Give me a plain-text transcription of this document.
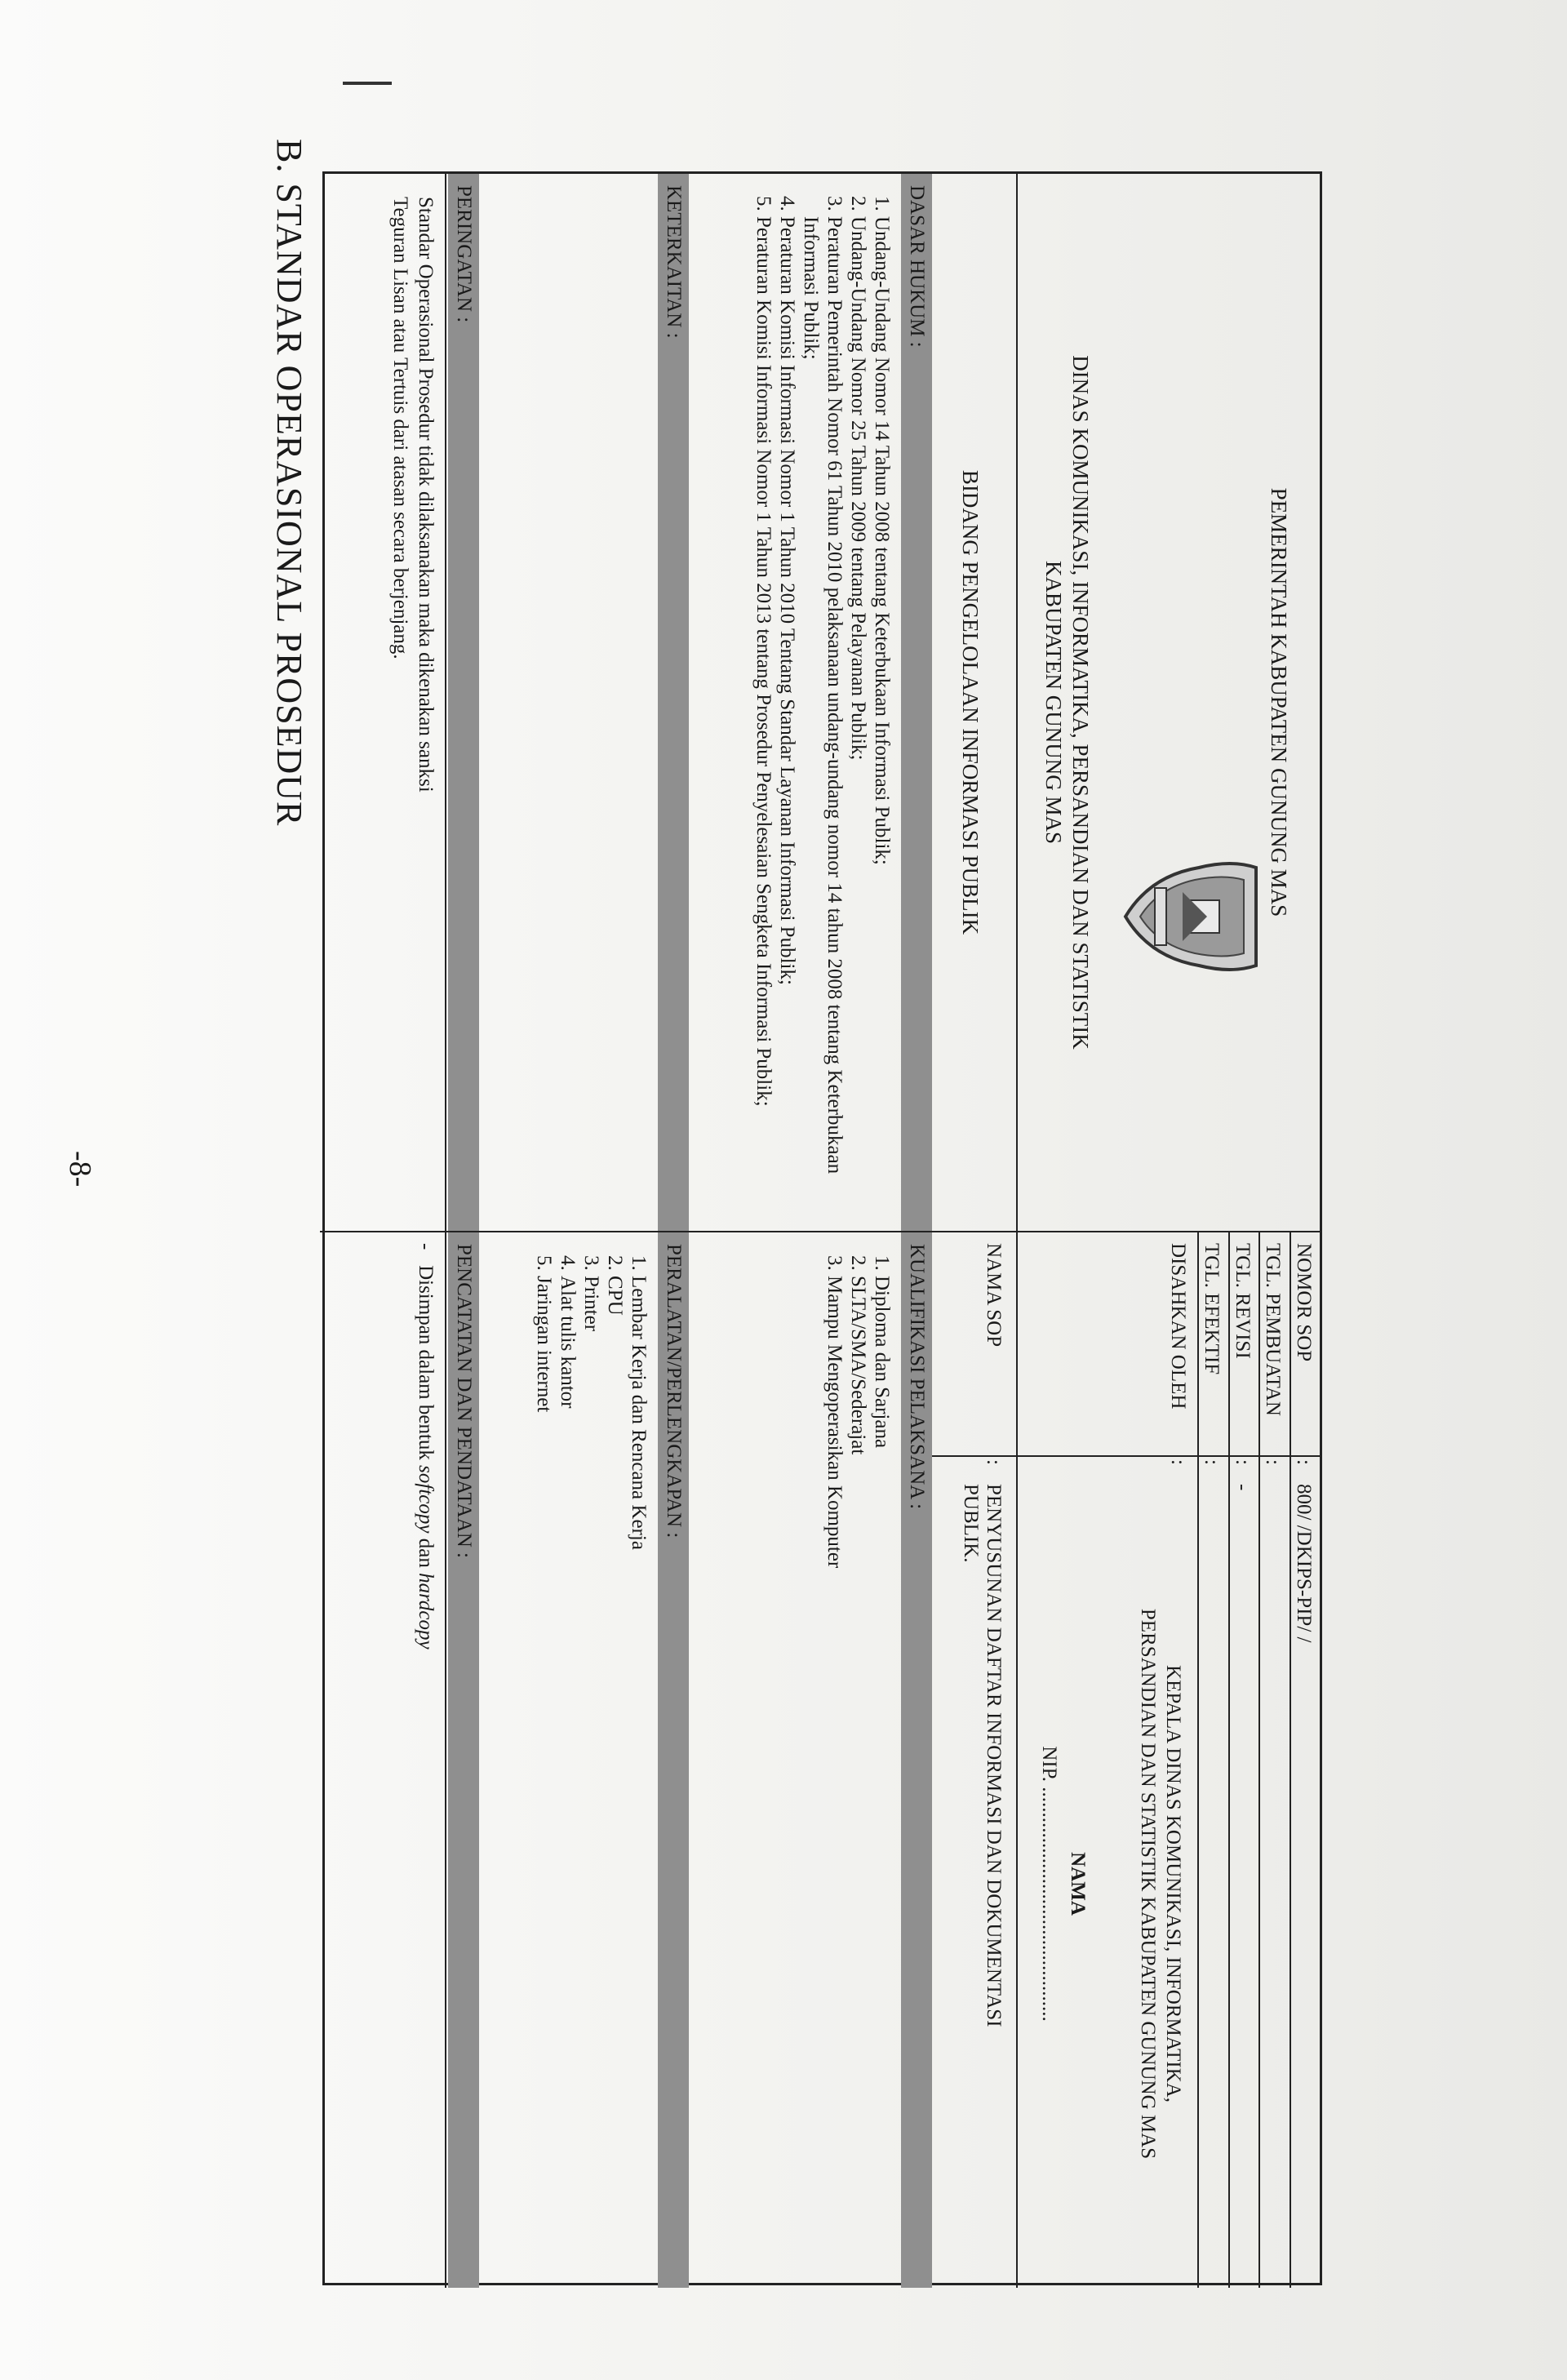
B. STANDAR OPERASIONAL PROSEDUR
-8-
PEMERINTAH KABUPATEN GUNUNG MAS
DINAS KOMUNIKASI, INFORMATIKA, PERSANDIAN DAN STATISTIK
KABUPATEN GUNUNG MAS
BIDANG PENGELOLAAN INFORMASI PUBLIK
NOMOR SOP
:
800/ /DKIPS-PIP/ /
TGL. PEMBUATAN
:
TGL. REVISI
:
-
TGL. EFEKTIF
:
DISAHKAN OLEH
:
KEPALA DINAS KOMUNIKASI, INFORMATIKA,
PERSANDIAN DAN STATISTIK KABUPATEN GUNUNG MAS
NAMA
NIP. ..............................................
NAMA SOP
:
PENYUSUNAN DAFTAR INFORMASI DAN DOKUMENTASI
PUBLIK.
DASAR HUKUM :
KUALIFIKASI PELAKSANA :
KETERKAITAN :
PERALATAN/PERLENGKAPAN :
PERINGATAN :
PENCATATAN DAN PENDATAAN :
1. Undang-Undang Nomor 14 Tahun 2008 tentang Keterbukaan Informasi Publik;
2. Undang-Undang Nomor 25 Tahun 2009 tentang Pelayanan Publik;
3. Peraturan Pemerintah Nomor 61 Tahun 2010 pelaksanaan undang-undang nomor 14 tahun 2008 tentang Keterbukaan Informasi Publik;
4. Peraturan Komisi Informasi Nomor 1 Tahun 2010 Tentang Standar Layanan Informasi Publik;
5. Peraturan Komisi Informasi Nomor 1 Tahun 2013 tentang Prosedur Penyelesaian Sengketa Informasi Publik;
1. Diploma dan Sarjana
2. SLTA/SMA/Sederajat
3. Mampu Mengoperasikan Komputer
1. Lembar Kerja dan Rencana Kerja
2. CPU
3. Printer
4. Alat tulis kantor
5. Jaringan internet
Standar Operasional Prosedur tidak dilaksanakan maka dikenakan sanksi
Teguran Lisan atau Tertuis dari atasan secara berjenjang.
-   Disimpan dalam bentuk softcopy dan hardcopy
